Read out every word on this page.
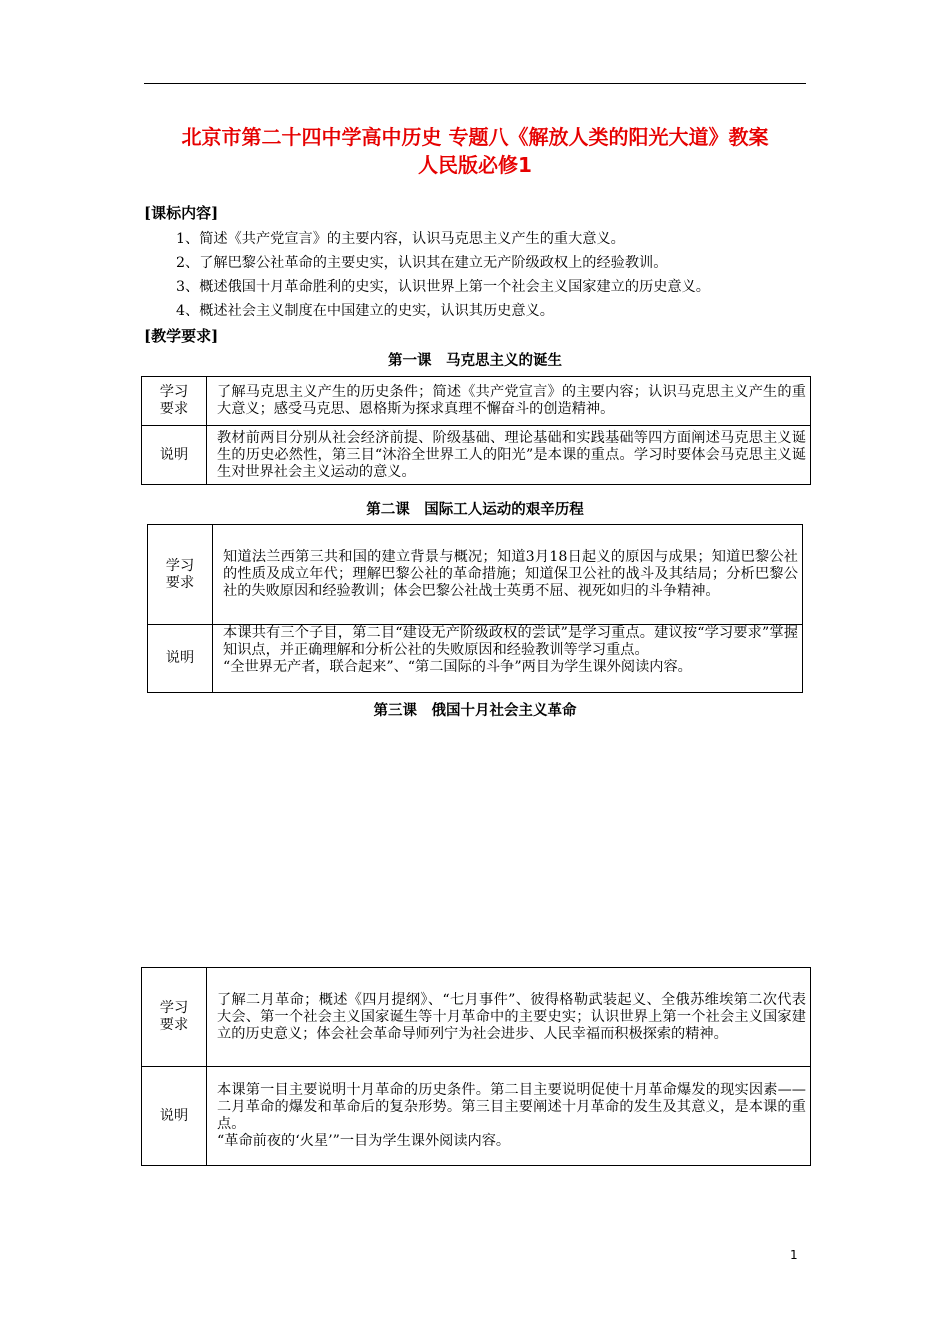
北京市第二十四中学高中历史 专题八《解放人类的阳光大道》教案
人民版必修1
[课标内容]
1、简述《共产党宣言》的主要内容，认识马克思主义产生的重大意义。
2、了解巴黎公社革命的主要史实，认识其在建立无产阶级政权上的经验教训。
3、概述俄国十月革命胜利的史实，认识世界上第一个社会主义国家建立的历史意义。
4、概述社会主义制度在中国建立的史实，认识其历史意义。
[教学要求]
第一课　马克思主义的诞生
学习
要求	了解马克思主义产生的历史条件；简述《共产党宣言》的主要内容；认识马克思主义产生的重大意义；感受马克思、恩格斯为探求真理不懈奋斗的创造精神。
说明	教材前两目分别从社会经济前提、阶级基础、理论基础和实践基础等四方面阐述马克思主义诞生的历史必然性，第三目“沐浴全世界工人的阳光”是本课的重点。学习时要体会马克思主义诞生对世界社会主义运动的意义。
第二课　国际工人运动的艰辛历程
学习
要求	知道法兰西第三共和国的建立背景与概况；知道3月18日起义的原因与成果；知道巴黎公社的性质及成立年代；理解巴黎公社的革命措施；知道保卫公社的战斗及其结局；分析巴黎公社的失败原因和经验教训；体会巴黎公社战士英勇不屈、视死如归的斗争精神。
说明	本课共有三个子目，第二目“建设无产阶级政权的尝试”是学习重点。建议按“学习要求”掌握知识点，并正确理解和分析公社的失败原因和经验教训等学习重点。
“全世界无产者，联合起来”、“第二国际的斗争”两目为学生课外阅读内容。
第三课　俄国十月社会主义革命
学习
要求	了解二月革命；概述《四月提纲》、“七月事件”、彼得格勒武装起义、全俄苏维埃第二次代表大会、第一个社会主义国家诞生等十月革命中的主要史实；认识世界上第一个社会主义国家建立的历史意义；体会社会革命导师列宁为社会进步、人民幸福而积极探索的精神。
说明	本课第一目主要说明十月革命的历史条件。第二目主要说明促使十月革命爆发的现实因素——二月革命的爆发和革命后的复杂形势。第三目主要阐述十月革命的发生及其意义，是本课的重点。
“革命前夜的‘火星’”一目为学生课外阅读内容。
1
